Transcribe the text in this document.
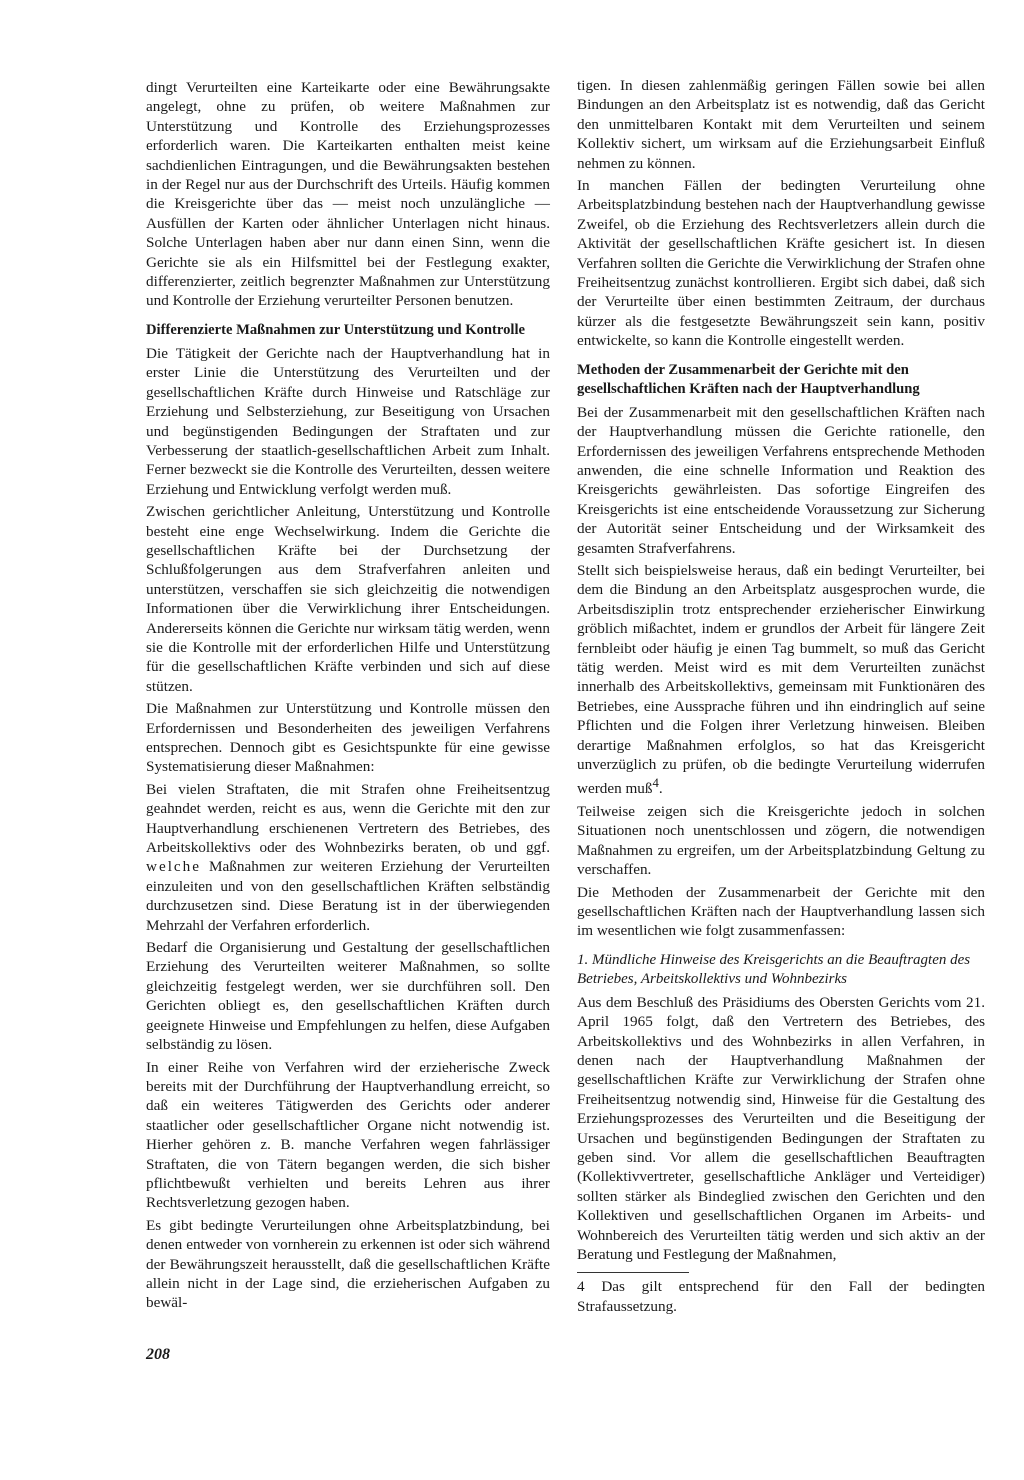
dingt Verurteilten eine Karteikarte oder eine Bewährungsakte angelegt, ohne zu prüfen, ob weitere Maßnahmen zur Unterstützung und Kontrolle des Erziehungsprozesses erforderlich waren. Die Karteikarten enthalten meist keine sachdienlichen Eintragungen, und die Bewährungsakten bestehen in der Regel nur aus der Durchschrift des Urteils. Häufig kommen die Kreisgerichte über das — meist noch unzulängliche — Ausfüllen der Karten oder ähnlicher Unterlagen nicht hinaus. Solche Unterlagen haben aber nur dann einen Sinn, wenn die Gerichte sie als ein Hilfsmittel bei der Festlegung exakter, differenzierter, zeitlich begrenzter Maßnahmen zur Unterstützung und Kontrolle der Erziehung verurteilter Personen benutzen.

Differenzierte Maßnahmen zur Unterstützung und Kontrolle

Die Tätigkeit der Gerichte nach der Hauptverhandlung hat in erster Linie die Unterstützung des Verurteilten und der gesellschaftlichen Kräfte durch Hinweise und Ratschläge zur Erziehung und Selbsterziehung, zur Beseitigung von Ursachen und begünstigenden Bedingungen der Straftaten und zur Verbesserung der staatlich-gesellschaftlichen Arbeit zum Inhalt. Ferner bezweckt sie die Kontrolle des Verurteilten, dessen weitere Erziehung und Entwicklung verfolgt werden muß.

Zwischen gerichtlicher Anleitung, Unterstützung und Kontrolle besteht eine enge Wechselwirkung. Indem die Gerichte die gesellschaftlichen Kräfte bei der Durchsetzung der Schlußfolgerungen aus dem Strafverfahren anleiten und unterstützen, verschaffen sie sich gleichzeitig die notwendigen Informationen über die Verwirklichung ihrer Entscheidungen. Andererseits können die Gerichte nur wirksam tätig werden, wenn sie die Kontrolle mit der erforderlichen Hilfe und Unterstützung für die gesellschaftlichen Kräfte verbinden und sich auf diese stützen.

Die Maßnahmen zur Unterstützung und Kontrolle müssen den Erfordernissen und Besonderheiten des jeweiligen Verfahrens entsprechen. Dennoch gibt es Gesichtspunkte für eine gewisse Systematisierung dieser Maßnahmen:

Bei vielen Straftaten, die mit Strafen ohne Freiheitsentzug geahndet werden, reicht es aus, wenn die Gerichte mit den zur Hauptverhandlung erschienenen Vertretern des Betriebes, des Arbeitskollektivs oder des Wohnbezirks beraten, ob und ggf. welche Maßnahmen zur weiteren Erziehung der Verurteilten einzuleiten und von den gesellschaftlichen Kräften selbständig durchzusetzen sind. Diese Beratung ist in der überwiegenden Mehrzahl der Verfahren erforderlich.

Bedarf die Organisierung und Gestaltung der gesellschaftlichen Erziehung des Verurteilten weiterer Maßnahmen, so sollte gleichzeitig festgelegt werden, wer sie durchführen soll. Den Gerichten obliegt es, den gesellschaftlichen Kräften durch geeignete Hinweise und Empfehlungen zu helfen, diese Aufgaben selbständig zu lösen.

In einer Reihe von Verfahren wird der erzieherische Zweck bereits mit der Durchführung der Hauptverhandlung erreicht, so daß ein weiteres Tätigwerden des Gerichts oder anderer staatlicher oder gesellschaftlicher Organe nicht notwendig ist. Hierher gehören z. B. manche Verfahren wegen fahrlässiger Straftaten, die von Tätern begangen werden, die sich bisher pflichtbewußt verhielten und bereits Lehren aus ihrer Rechtsverletzung gezogen haben.

Es gibt bedingte Verurteilungen ohne Arbeitsplatzbindung, bei denen entweder von vornherein zu erkennen ist oder sich während der Bewährungszeit herausstellt, daß die gesellschaftlichen Kräfte allein nicht in der Lage sind, die erzieherischen Aufgaben zu bewäl-

tigen. In diesen zahlenmäßig geringen Fällen sowie bei allen Bindungen an den Arbeitsplatz ist es notwendig, daß das Gericht den unmittelbaren Kontakt mit dem Verurteilten und seinem Kollektiv sichert, um wirksam auf die Erziehungsarbeit Einfluß nehmen zu können.

In manchen Fällen der bedingten Verurteilung ohne Arbeitsplatzbindung bestehen nach der Hauptverhandlung gewisse Zweifel, ob die Erziehung des Rechtsverletzers allein durch die Aktivität der gesellschaftlichen Kräfte gesichert ist. In diesen Verfahren sollten die Gerichte die Verwirklichung der Strafen ohne Freiheitsentzug zunächst kontrollieren. Ergibt sich dabei, daß sich der Verurteilte über einen bestimmten Zeitraum, der durchaus kürzer als die festgesetzte Bewährungszeit sein kann, positiv entwickelte, so kann die Kontrolle eingestellt werden.

Methoden der Zusammenarbeit der Gerichte mit den gesellschaftlichen Kräften nach der Hauptverhandlung

Bei der Zusammenarbeit mit den gesellschaftlichen Kräften nach der Hauptverhandlung müssen die Gerichte rationelle, den Erfordernissen des jeweiligen Verfahrens entsprechende Methoden anwenden, die eine schnelle Information und Reaktion des Kreisgerichts gewährleisten. Das sofortige Eingreifen des Kreisgerichts ist eine entscheidende Voraussetzung zur Sicherung der Autorität seiner Entscheidung und der Wirksamkeit des gesamten Strafverfahrens.

Stellt sich beispielsweise heraus, daß ein bedingt Verurteilter, bei dem die Bindung an den Arbeitsplatz ausgesprochen wurde, die Arbeitsdisziplin trotz entsprechender erzieherischer Einwirkung gröblich mißachtet, indem er grundlos der Arbeit für längere Zeit fernbleibt oder häufig je einen Tag bummelt, so muß das Gericht tätig werden. Meist wird es mit dem Verurteilten zunächst innerhalb des Arbeitskollektivs, gemeinsam mit Funktionären des Betriebes, eine Aussprache führen und ihn eindringlich auf seine Pflichten und die Folgen ihrer Verletzung hinweisen. Bleiben derartige Maßnahmen erfolglos, so hat das Kreisgericht unverzüglich zu prüfen, ob die bedingte Verurteilung widerrufen werden muß$^4$.

Teilweise zeigen sich die Kreisgerichte jedoch in solchen Situationen noch unentschlossen und zögern, die notwendigen Maßnahmen zu ergreifen, um der Arbeitsplatzbindung Geltung zu verschaffen.

Die Methoden der Zusammenarbeit der Gerichte mit den gesellschaftlichen Kräften nach der Hauptverhandlung lassen sich im wesentlichen wie folgt zusammenfassen:

1. Mündliche Hinweise des Kreisgerichts an die Beauftragten des Betriebes, Arbeitskollektivs und Wohnbezirks

Aus dem Beschluß des Präsidiums des Obersten Gerichts vom 21. April 1965 folgt, daß den Vertretern des Betriebes, des Arbeitskollektivs und des Wohnbezirks in allen Verfahren, in denen nach der Hauptverhandlung Maßnahmen der gesellschaftlichen Kräfte zur Verwirklichung der Strafen ohne Freiheitsentzug notwendig sind, Hinweise für die Gestaltung des Erziehungsprozesses des Verurteilten und die Beseitigung der Ursachen und begünstigenden Bedingungen der Straftaten zu geben sind. Vor allem die gesellschaftlichen Beauftragten (Kollektivvertreter, gesellschaftliche Ankläger und Verteidiger) sollten stärker als Bindeglied zwischen den Gerichten und den Kollektiven und gesellschaftlichen Organen im Arbeits- und Wohnbereich des Verurteilten tätig werden und sich aktiv an der Beratung und Festlegung der Maßnahmen,

4 Das gilt entsprechend für den Fall der bedingten Strafaussetzung.

208
